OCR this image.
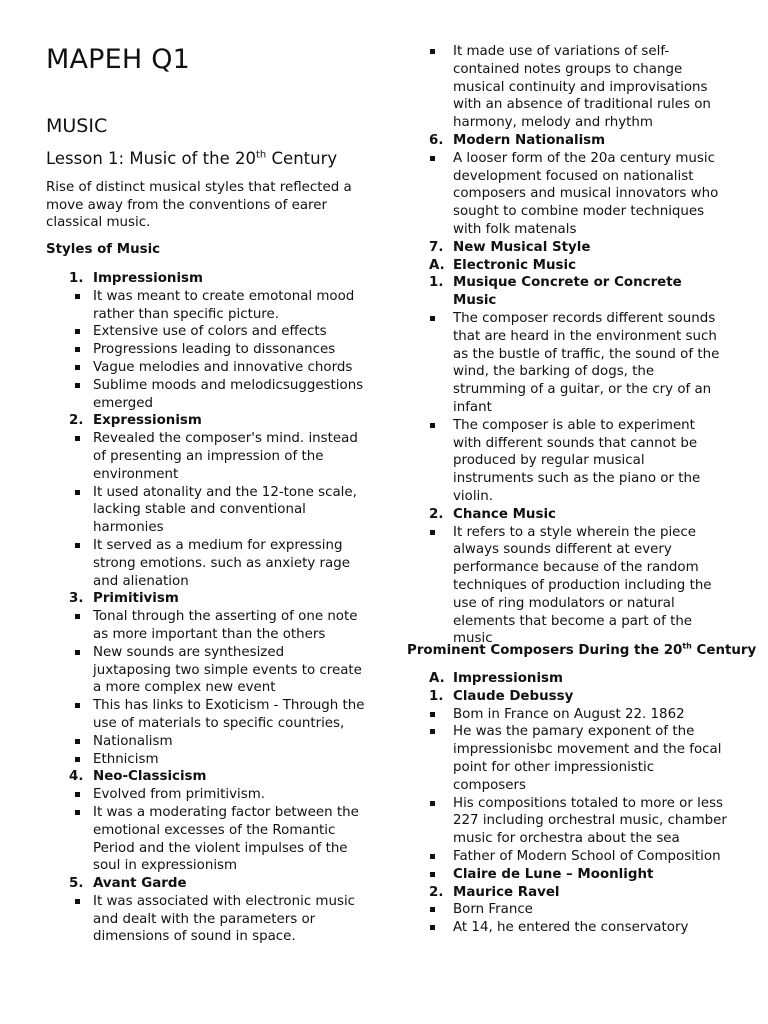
MAPEH Q1
MUSIC
Lesson 1: Music of the 20th Century
Rise of distinct musical styles that reflected a move away from the conventions of earer classical music.
Styles of Music
1. Impressionism
It was meant to create emotonal mood rather than specific picture.
Extensive use of colors and effects
Progressions leading to dissonances
Vague melodies and innovative chords
Sublime moods and melodicsuggestions emerged
2. Expressionism
Revealed the composer's mind. instead of presenting an impression of the environment
It used atonality and the 12-tone scale, lacking stable and conventional harmonies
It served as a medium for expressing strong emotions. such as anxiety rage and alienation
3. Primitivism
Tonal through the asserting of one note as more important than the others
New sounds are synthesized juxtaposing two simple events to create a more complex new event
This has links to Exoticism - Through the use of materials to specific countries,
Nationalism
Ethnicism
4. Neo-Classicism
Evolved from primitivism.
It was a moderating factor between the emotional excesses of the Romantic Period and the violent impulses of the soul in expressionism
5. Avant Garde
It was associated with electronic music and dealt with the parameters or dimensions of sound in space.
It made use of variations of self-contained notes groups to change musical continuity and improvisations with an absence of traditional rules on harmony, melody and rhythm
6. Modern Nationalism
A looser form of the 20a century music development focused on nationalist composers and musical innovators who sought to combine moder techniques with folk matenals
7. New Musical Style
A. Electronic Music
1. Musique Concrete or Concrete Music
The composer records different sounds that are heard in the environment such as the bustle of traffic, the sound of the wind, the barking of dogs, the strumming of a guitar, or the cry of an infant
The composer is able to experiment with different sounds that cannot be produced by regular musical instruments such as the piano or the violin.
2. Chance Music
It refers to a style wherein the piece always sounds different at every performance because of the random techniques of production including the use of ring modulators or natural elements that become a part of the music
Prominent Composers During the 20th Century
A. Impressionism
1. Claude Debussy
Bom in France on August 22. 1862
He was the pamary exponent of the impressionisbc movement and the focal point for other impressionistic composers
His compositions totaled to more or less 227 including orchestral music, chamber music for orchestra about the sea
Father of Modern School of Composition
Claire de Lune – Moonlight
2. Maurice Ravel
Born France
At 14, he entered the conservatory
